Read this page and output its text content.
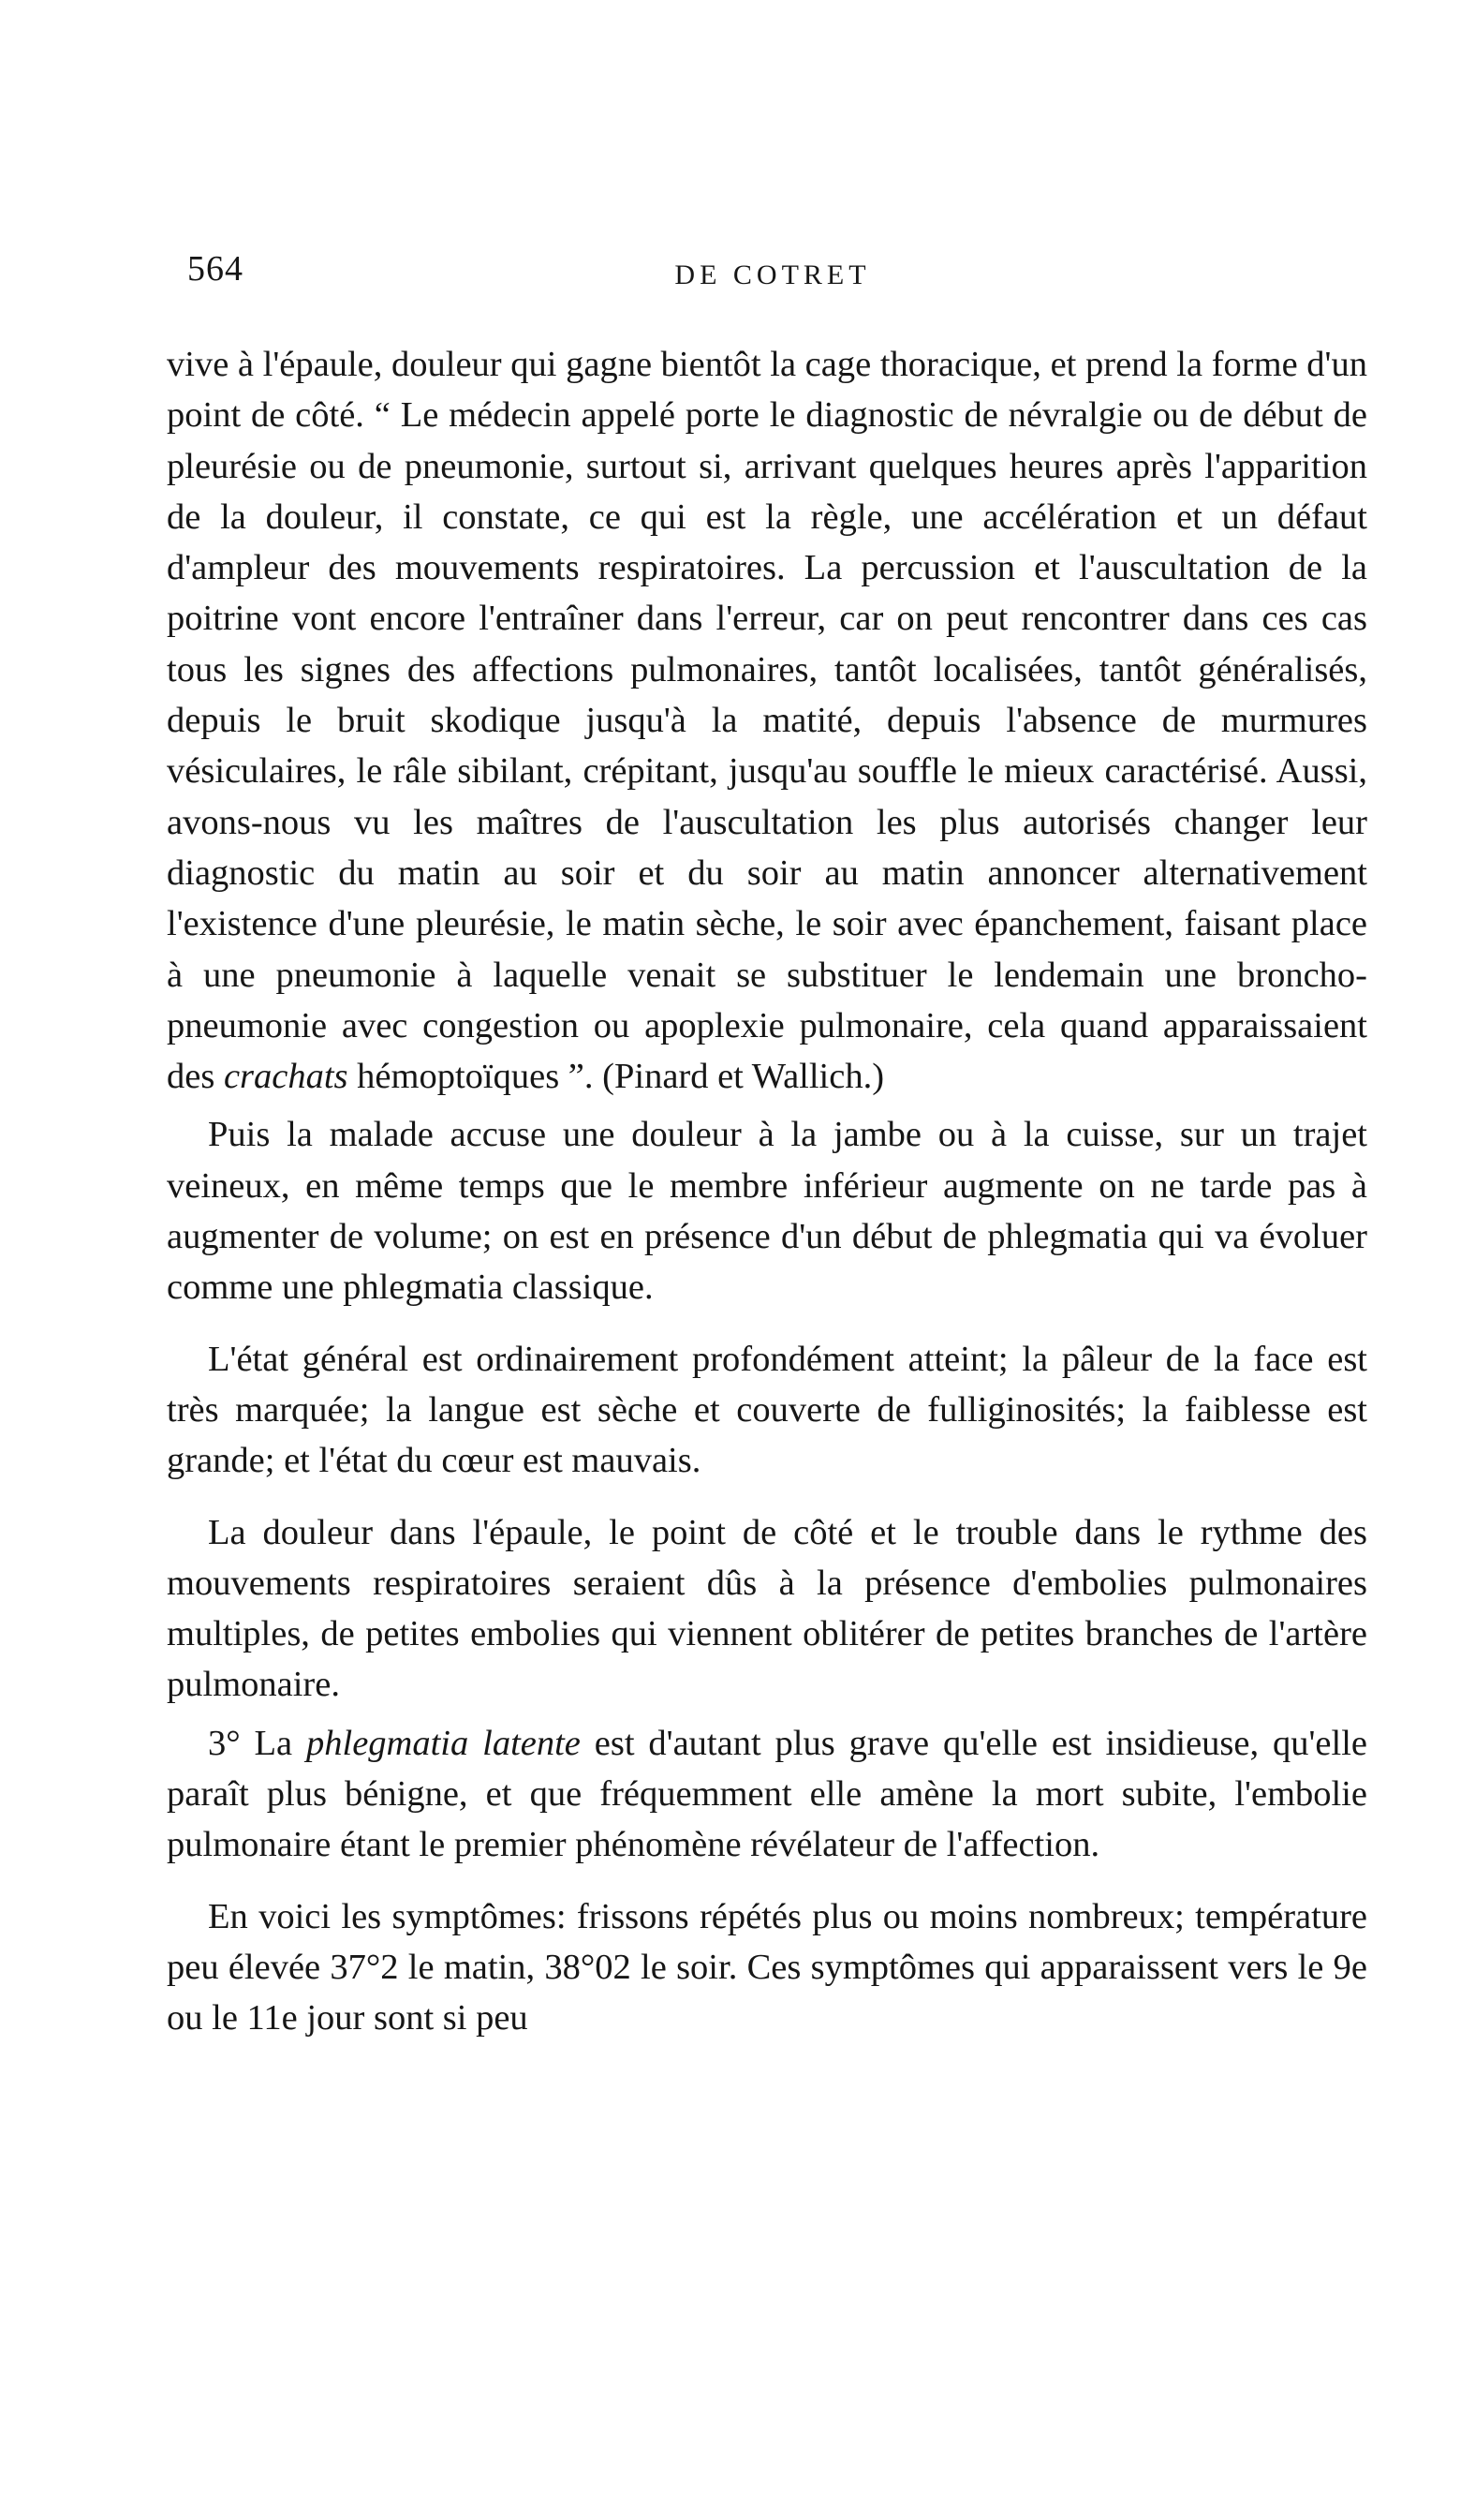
564	DE COTRET

vive à l'épaule, douleur qui gagne bientôt la cage thoracique, et prend la forme d'un point de côté. “ Le médecin appelé porte le diagnostic de névralgie ou de début de pleurésie ou de pneumonie, surtout si, arrivant quelques heures après l'apparition de la douleur, il constate, ce qui est la règle, une accélération et un défaut d'ampleur des mouvements respiratoires. La percussion et l'auscultation de la poitrine vont encore l'entraîner dans l'erreur, car on peut rencontrer dans ces cas tous les signes des affections pulmonaires, tantôt localisées, tantôt généralisés, depuis le bruit skodique jusqu'à la matité, depuis l'absence de murmures vésiculaires, le râle sibilant, crépitant, jusqu'au souffle le mieux caractérisé. Aussi, avons-nous vu les maîtres de l'auscultation les plus autorisés changer leur diagnostic du matin au soir et du soir au matin annoncer alternativement l'existence d'une pleurésie, le matin sèche, le soir avec épanchement, faisant place à une pneumonie à laquelle venait se substituer le lendemain une broncho-pneumonie avec congestion ou apoplexie pulmonaire, cela quand apparaissaient des crachats hémoptoïques ”. (Pinard et Wallich.)

Puis la malade accuse une douleur à la jambe ou à la cuisse, sur un trajet veineux, en même temps que le membre inférieur augmente on ne tarde pas à augmenter de volume; on est en présence d'un début de phlegmatia qui va évoluer comme une phlegmatia classique.

L'état général est ordinairement profondément atteint; la pâleur de la face est très marquée; la langue est sèche et couverte de fulliginosités; la faiblesse est grande; et l'état du cœur est mauvais.

La douleur dans l'épaule, le point de côté et le trouble dans le rythme des mouvements respiratoires seraient dûs à la présence d'embolies pulmonaires multiples, de petites embolies qui viennent oblitérer de petites branches de l'artère pulmonaire.

3° La phlegmatia latente est d'autant plus grave qu'elle est insidieuse, qu'elle paraît plus bénigne, et que fréquemment elle amène la mort subite, l'embolie pulmonaire étant le premier phénomène révélateur de l'affection.

En voici les symptômes: frissons répétés plus ou moins nombreux; température peu élevée 37°2 le matin, 38°02 le soir. Ces symptômes qui apparaissent vers le 9e ou le 11e jour sont si peu
